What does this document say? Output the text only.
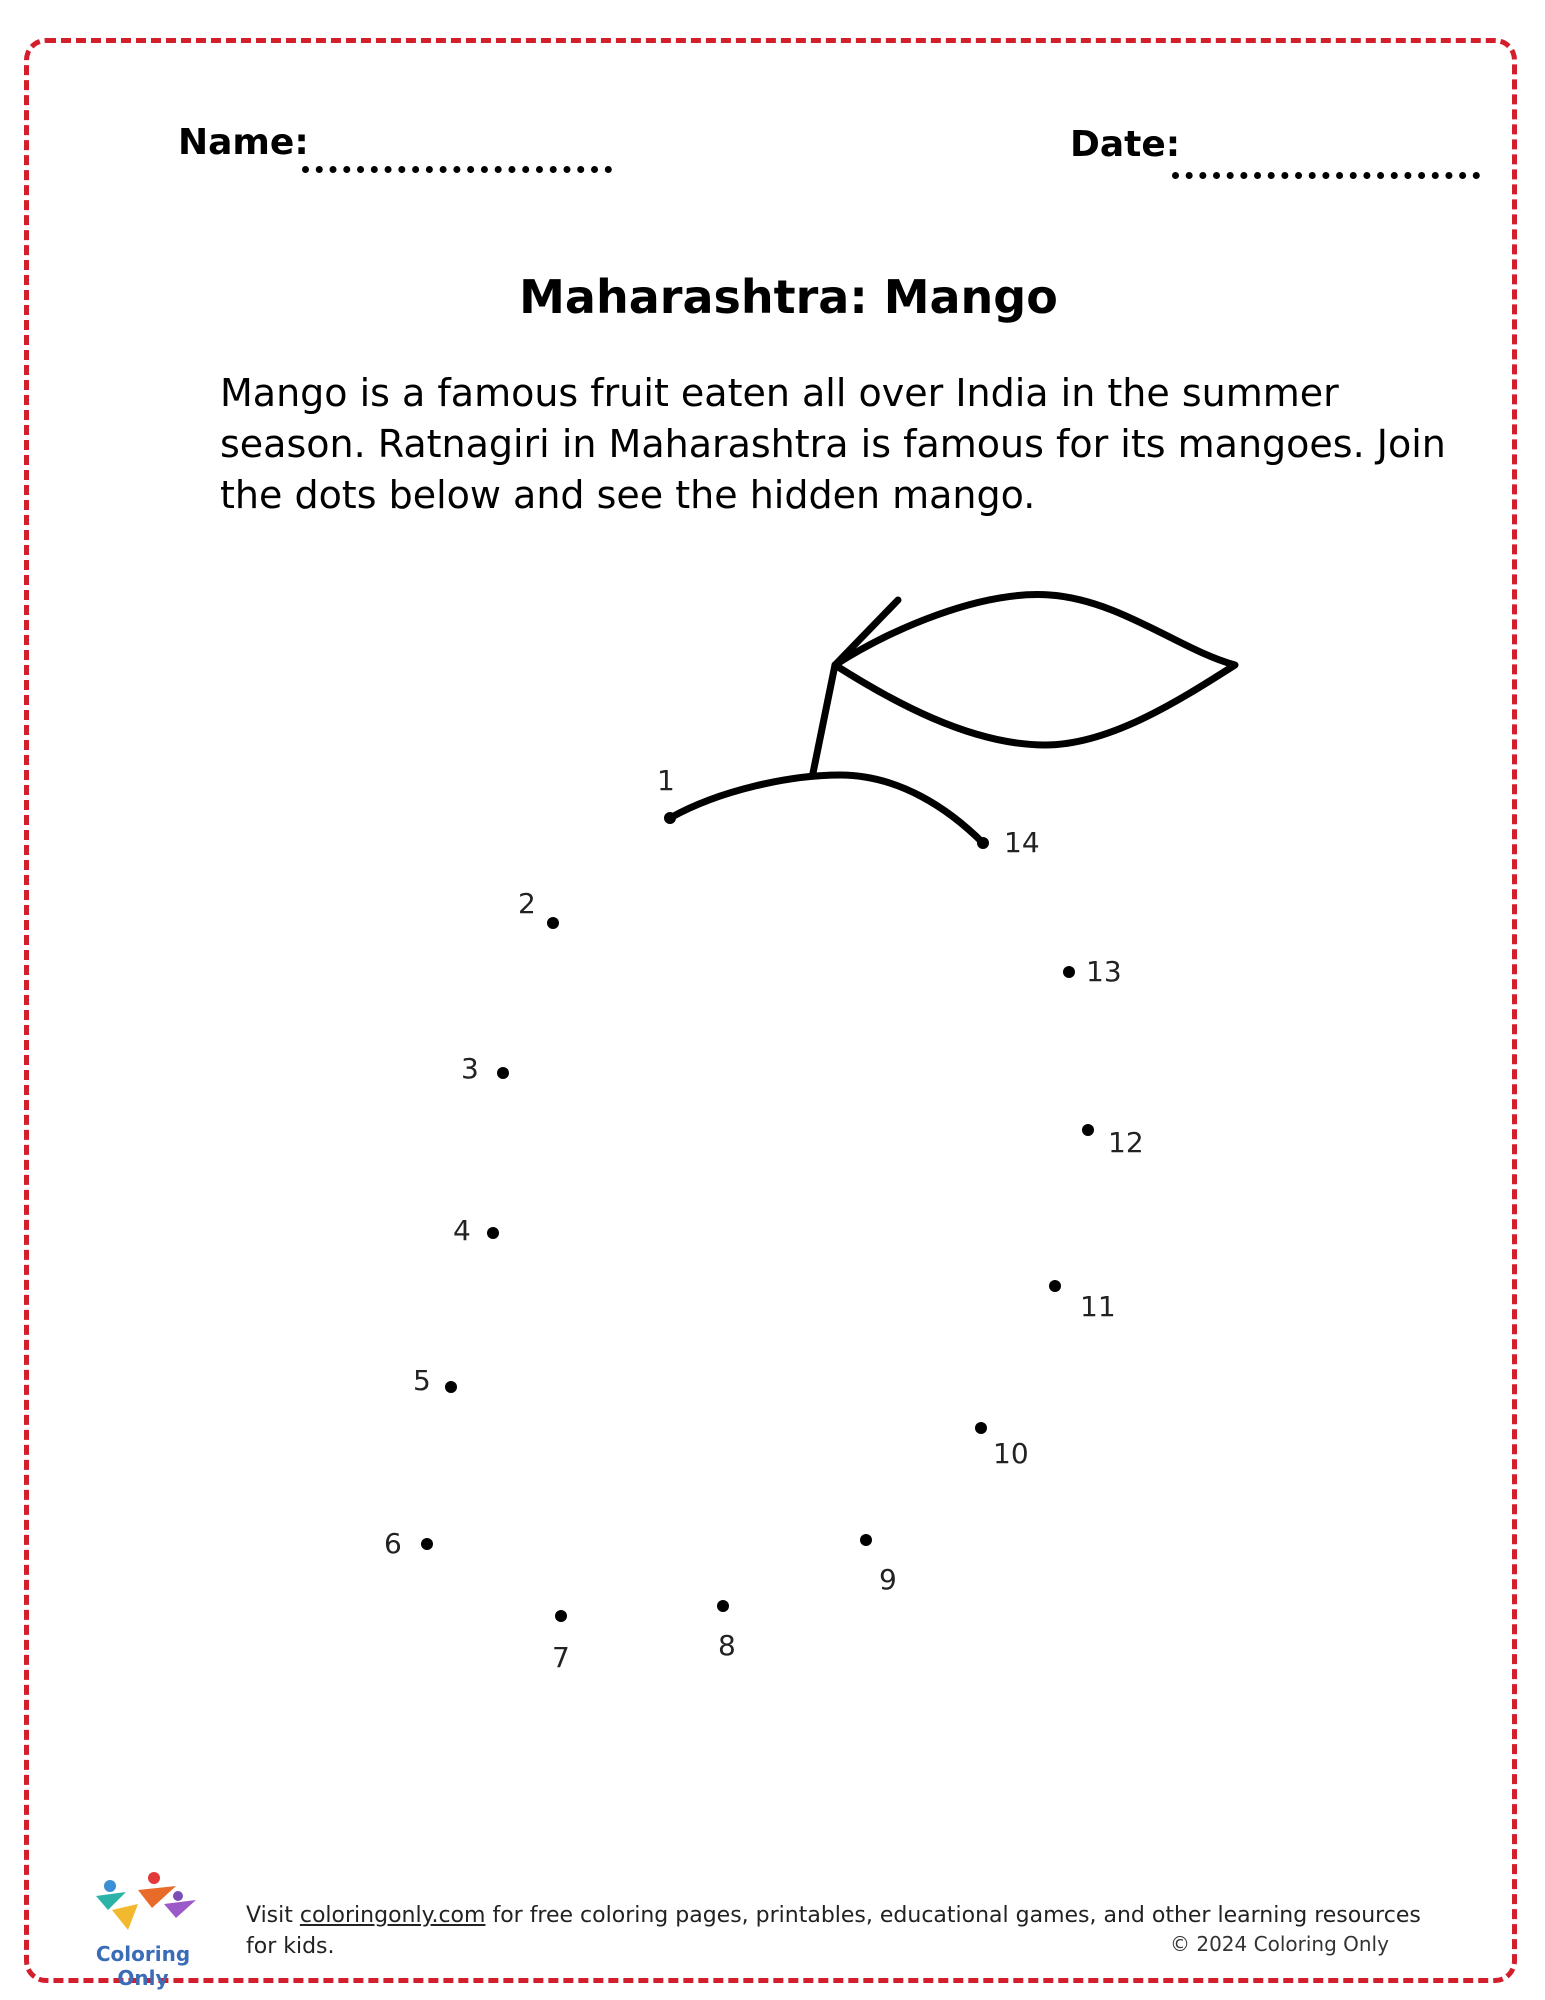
Name:	Date:
Maharashtra: Mango
Mango is a famous fruit eaten all over India in the summer season. Ratnagiri in Maharashtra is famous for its mangoes. Join the dots below and see the hidden mango.
1
2
3
4
5
6
7	8
9
10
11
12
13
14
Coloring Only
Visit coloringonly.com for free coloring pages, printables, educational games, and other learning resources for kids.	© 2024 Coloring Only
